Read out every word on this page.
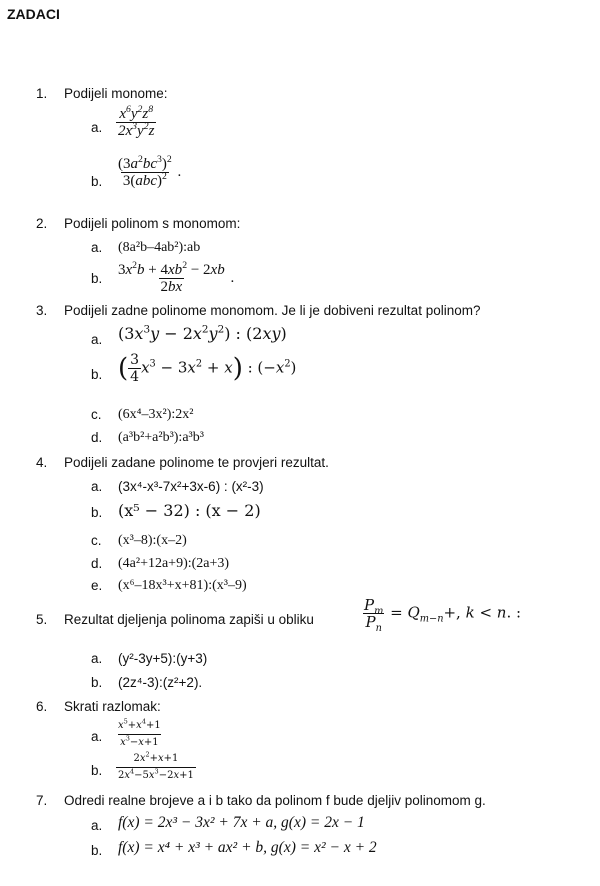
ZADACI
1. Podijeli monome:
a. $\frac{x^6y^2z^8}{2x^3y^2z}$
b. $\frac{(3a^2bc^3)^2}{3(abc)^2}$ .
2. Podijeli polinom s monomom:
a. (8a²b–4ab²):ab
b. $\frac{3x^2b + 4xb^2 - 2xb}{2bx}$ .
3. Podijeli zadne polinome monomom. Je li je dobiveni rezultat polinom?
a. $(3x^3y - 2x^2y^2)$ : (2xy)
b. ( $\frac{3}{4} x^3 - 3x^2 + x$) : $(-x^2)$
c. (6x⁴–3x²):2x²
d. (a³b²+a²b³):a³b³
4. Podijeli zadane polinome te provjeri rezultat.
a. (3x⁴-x³-7x²+3x-6) : (x²-3)
b. (x⁵ − 32) : (x − 2)
c. (x³–8):(x–2)
d. (4a²+12a+9):(2a+3)
e. (x⁶–18x³+x+81):(x³–9)
5. Rezultat djeljenja polinoma zapiši u obliku	$\frac{P_m}{P_n} = Q_{m-n}+$, k < n. :
a. (y²-3y+5):(y+3)
b. (2z⁴-3):(z²+2).
6. Skrati razlomak:
a. $\frac{x^5+x^4+1}{x^3-x+1}$
b. $\frac{2x^2+x+1}{2x^4-5x^3-2x+1}$
7. Odredi realne brojeve a i b tako da polinom f bude djeljiv polinomom g.
a. f(x) = 2x³ − 3x² + 7x + a, g(x) = 2x − 1
b. f(x) = x⁴ + x³ + ax² + b, g(x) = x² − x + 2
